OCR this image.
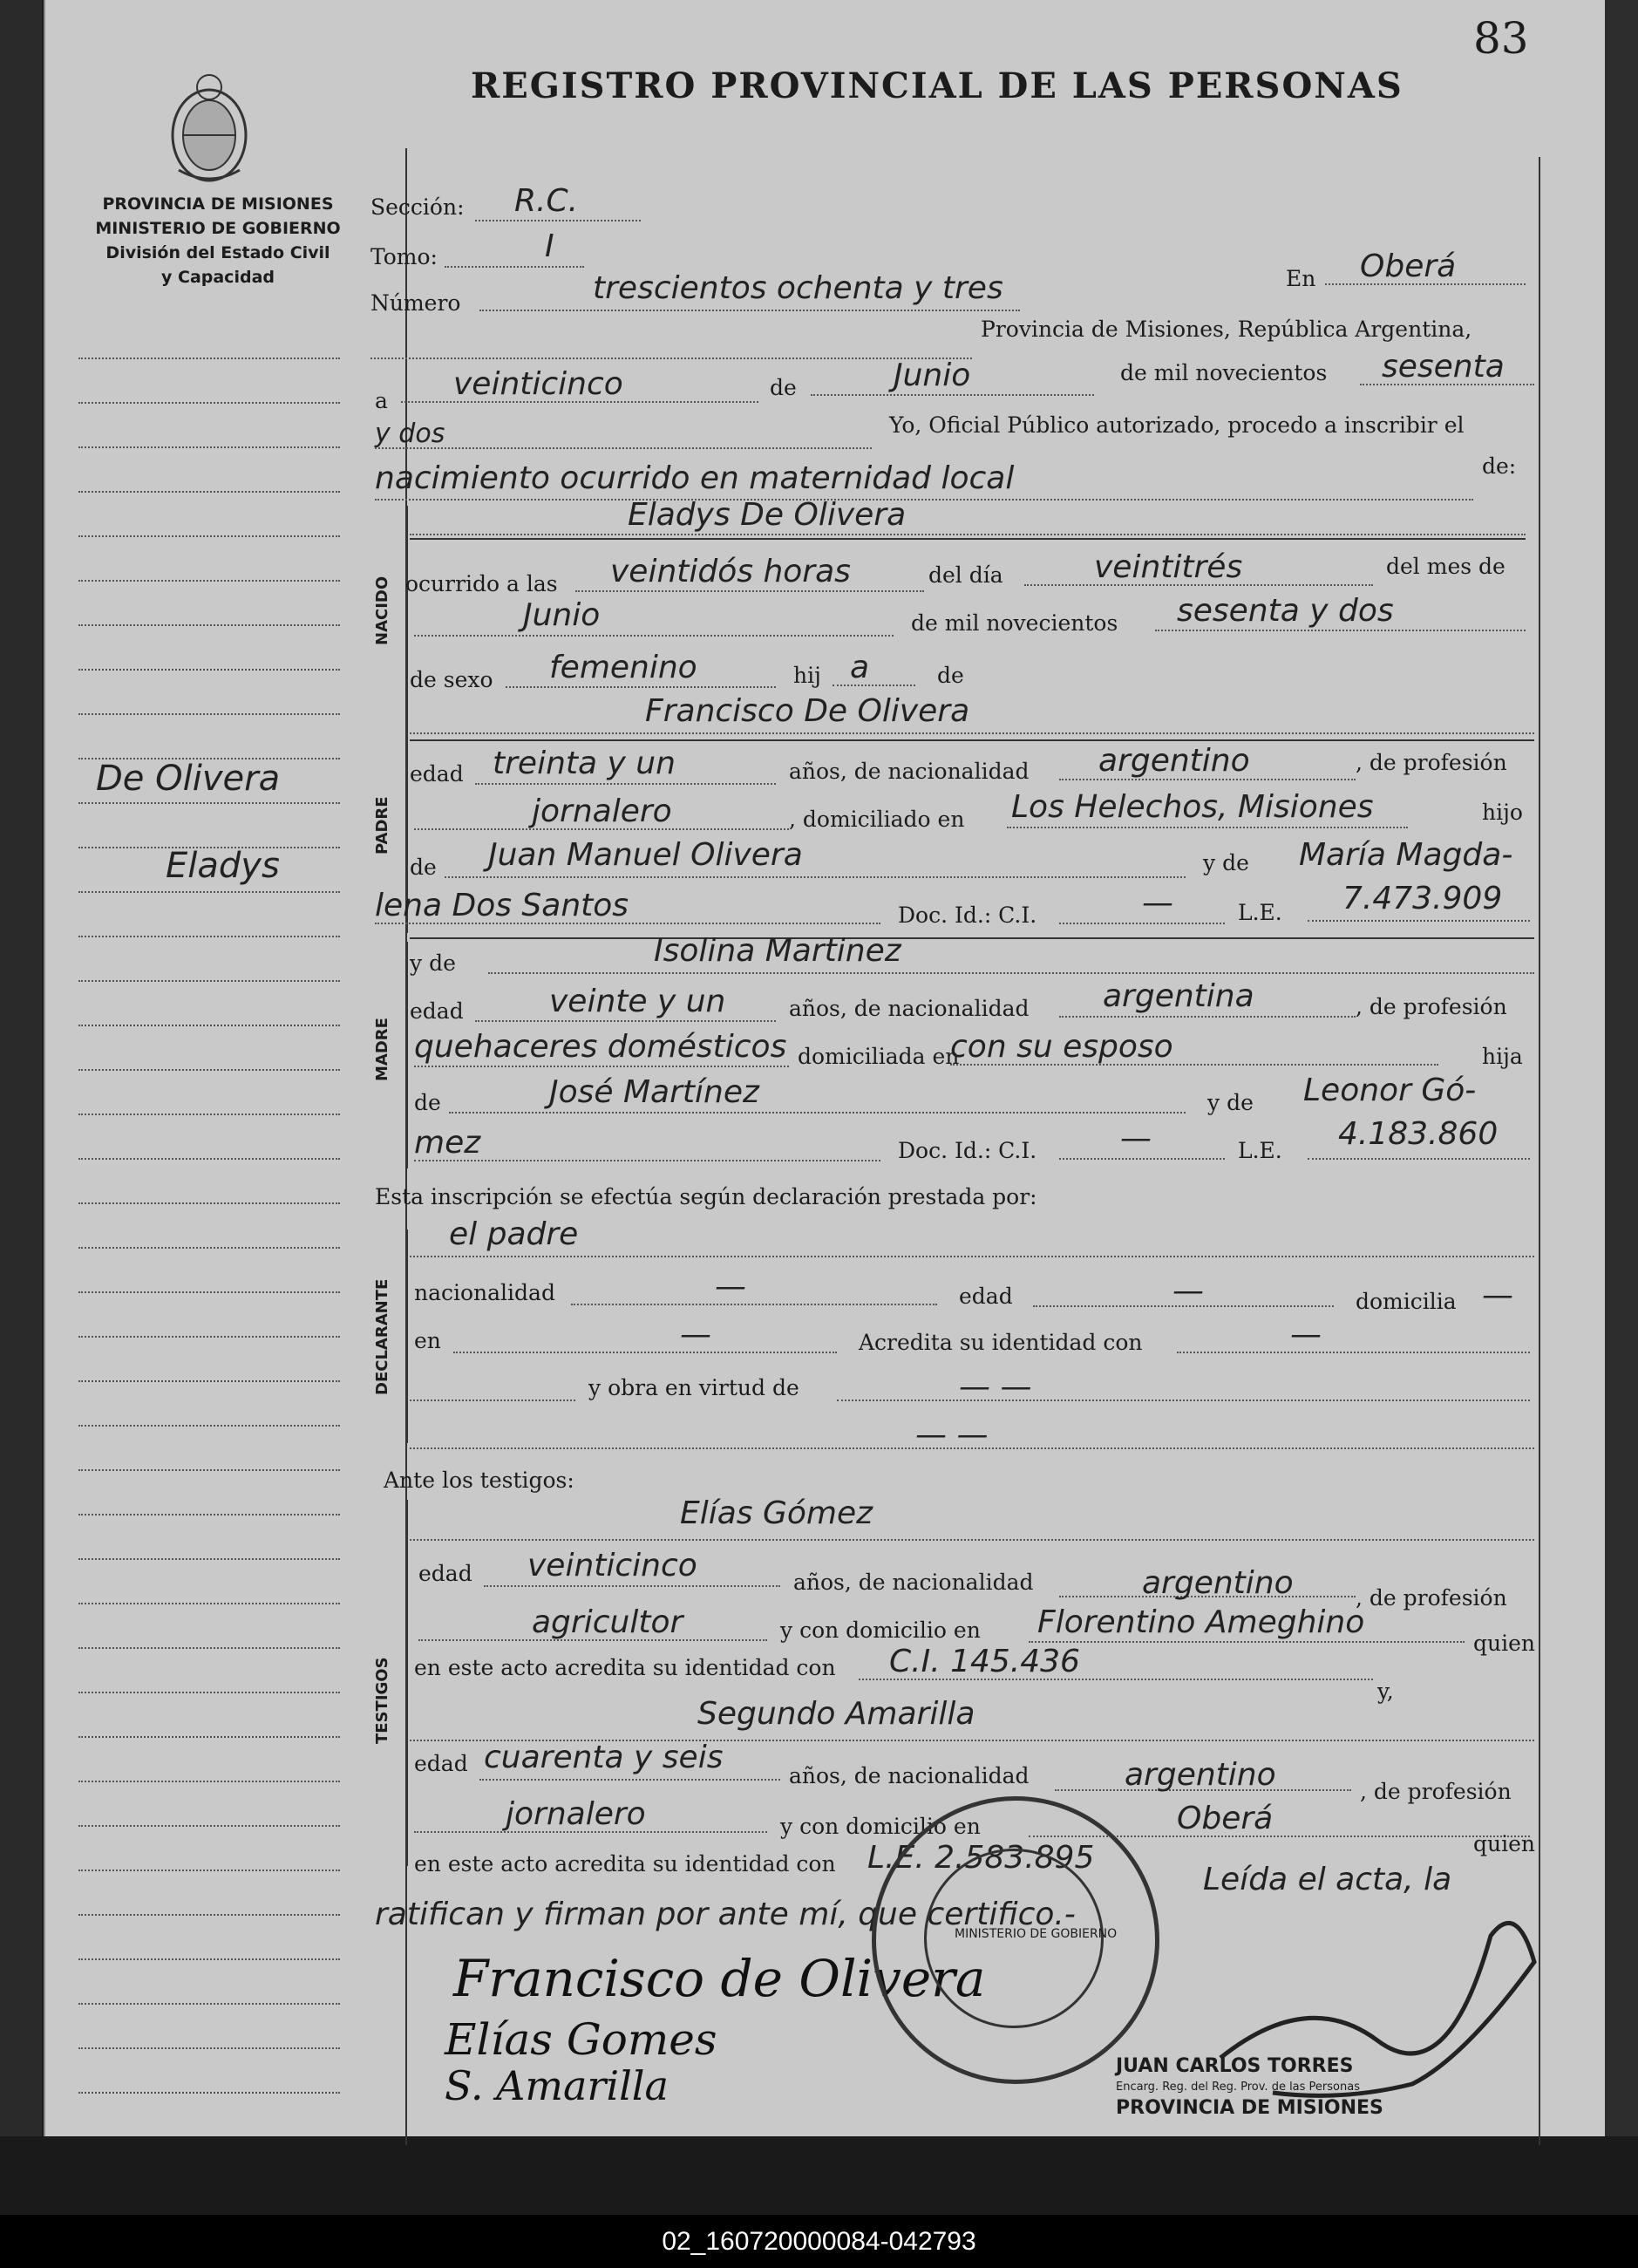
83
REGISTRO PROVINCIAL DE LAS PERSONAS
PROVINCIA DE MISIONES
MINISTERIO DE GOBIERNO
División del Estado Civil
y Capacidad
De Olivera
Eladys
Sección: R.C.
Tomo:	I
Número	trescientos ochenta y tres	En Oberá
Provincia de Misiones, República Argentina,
a veinticinco	de	Junio	de mil novecientos sesenta
y dos	Yo, Oficial Público autorizado, procedo a inscribir el
nacimiento ocurrido en maternidad local	de:
NACIDO
Eladys De Olivera
ocurrido a las veintidós horas	del día	veintitrés	del mes de
Junio	de mil novecientos sesenta y dos
de sexo femenino	hij a	de
PADRE
Francisco De Olivera
edad treinta y un	años, de nacionalidad argentino	, de profesión
jornalero	, domiciliado en Los Helechos, Misiones	hijo
de Juan Manuel Olivera	y de María Magda-
lena Dos Santos	Doc. Id.: C.I.	—	L.E. 7.473.909
MADRE
y de	Isolina Martinez
edad	veinte y un	años, de nacionalidad argentina	, de profesión
quehaceres domésticos domiciliada en
con su esposo	hija
de	José Martínez	y de Leonor Gó-
mez	Doc. Id.: C.I.	—	L.E. 4.183.860
Esta inscripción se efectúa según declaración prestada por:
el padre
DECLARANTE nacionalidad	—	edad	—	domicilia —
en	—	Acredita su identidad con	—
y obra en virtud de	— —
— —
Ante los testigos:
TESTIGOS
Elías Gómez
edad veinticinco	años, de nacionalidad	argentino	, de profesión
agricultor	y con domicilio en Florentino Ameghino
quien
en este acto acredita su identidad con C.I. 145.436
y,
Segundo Amarilla
edad cuarenta y seis
años, de nacionalidad	argentino	, de profesión
jornalero	y con domicilio en	Oberá
quien
en este acto acredita su identidad con L.E. 2.583.895
Leída el acta, la
ratifican y firman por ante mí, que certifico.-
Francisco de Olivera
Elías Gomes
S. Amarilla
MINISTERIO DE GOBIERNO
JUAN CARLOS TORRES
Encarg. Reg. del Reg. Prov. de las Personas
PROVINCIA DE MISIONES
02_160720000084-042793
